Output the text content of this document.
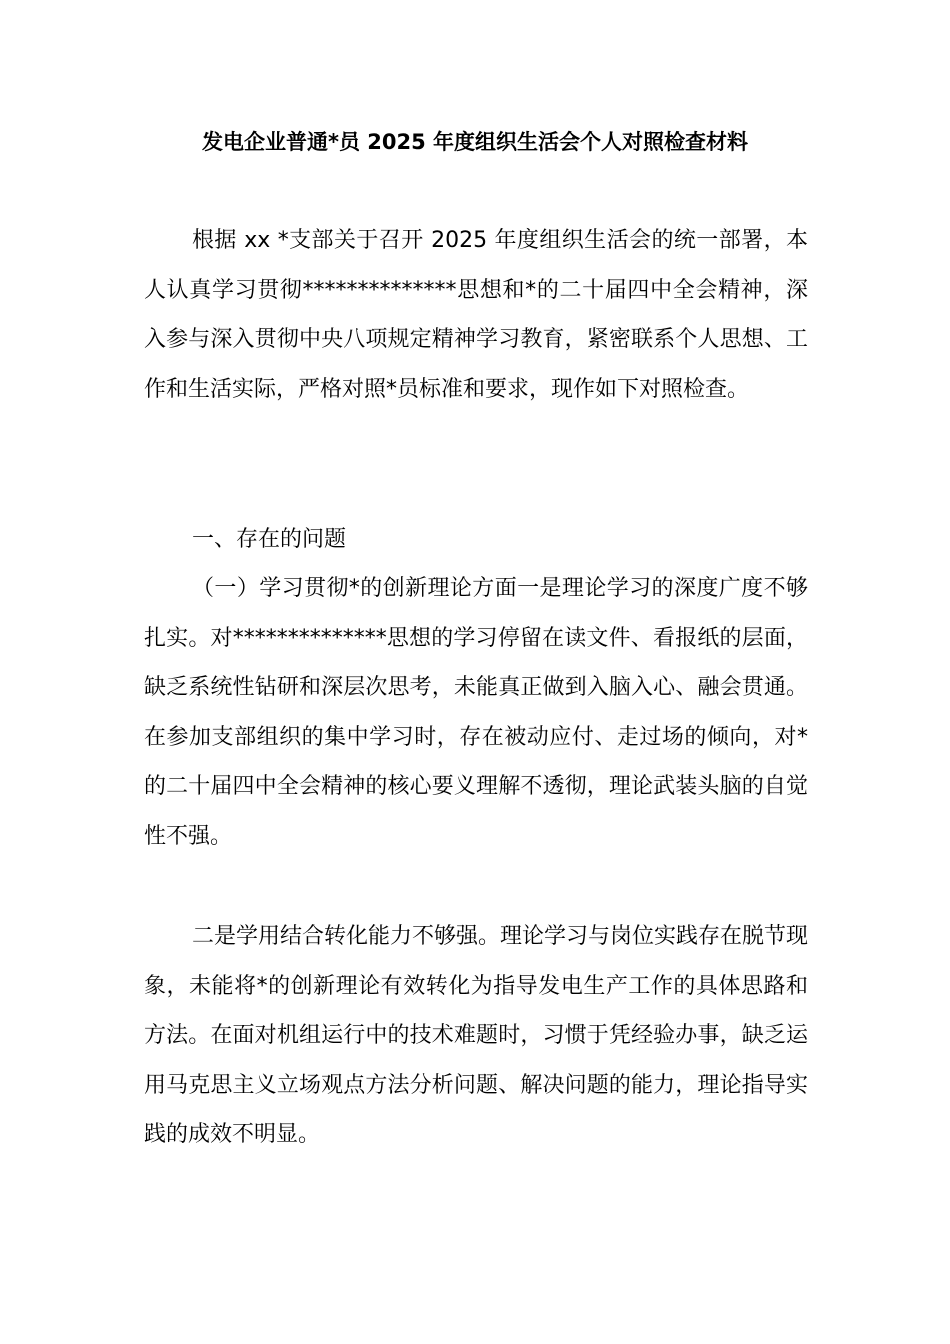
发电企业普通*员 2025 年度组织生活会个人对照检查材料

根据 xx *支部关于召开 2025 年度组织生活会的统一部署，本人认真学习贯彻**************思想和*的二十届四中全会精神，深入参与深入贯彻中央八项规定精神学习教育，紧密联系个人思想、工作和生活实际，严格对照*员标准和要求，现作如下对照检查。

一、存在的问题

（一）学习贯彻*的创新理论方面一是理论学习的深度广度不够扎实。对**************思想的学习停留在读文件、看报纸的层面，缺乏系统性钻研和深层次思考，未能真正做到入脑入心、融会贯通。在参加支部组织的集中学习时，存在被动应付、走过场的倾向，对*的二十届四中全会精神的核心要义理解不透彻，理论武装头脑的自觉性不强。

二是学用结合转化能力不够强。理论学习与岗位实践存在脱节现象，未能将*的创新理论有效转化为指导发电生产工作的具体思路和方法。在面对机组运行中的技术难题时，习惯于凭经验办事，缺乏运用马克思主义立场观点方法分析问题、解决问题的能力，理论指导实践的成效不明显。
